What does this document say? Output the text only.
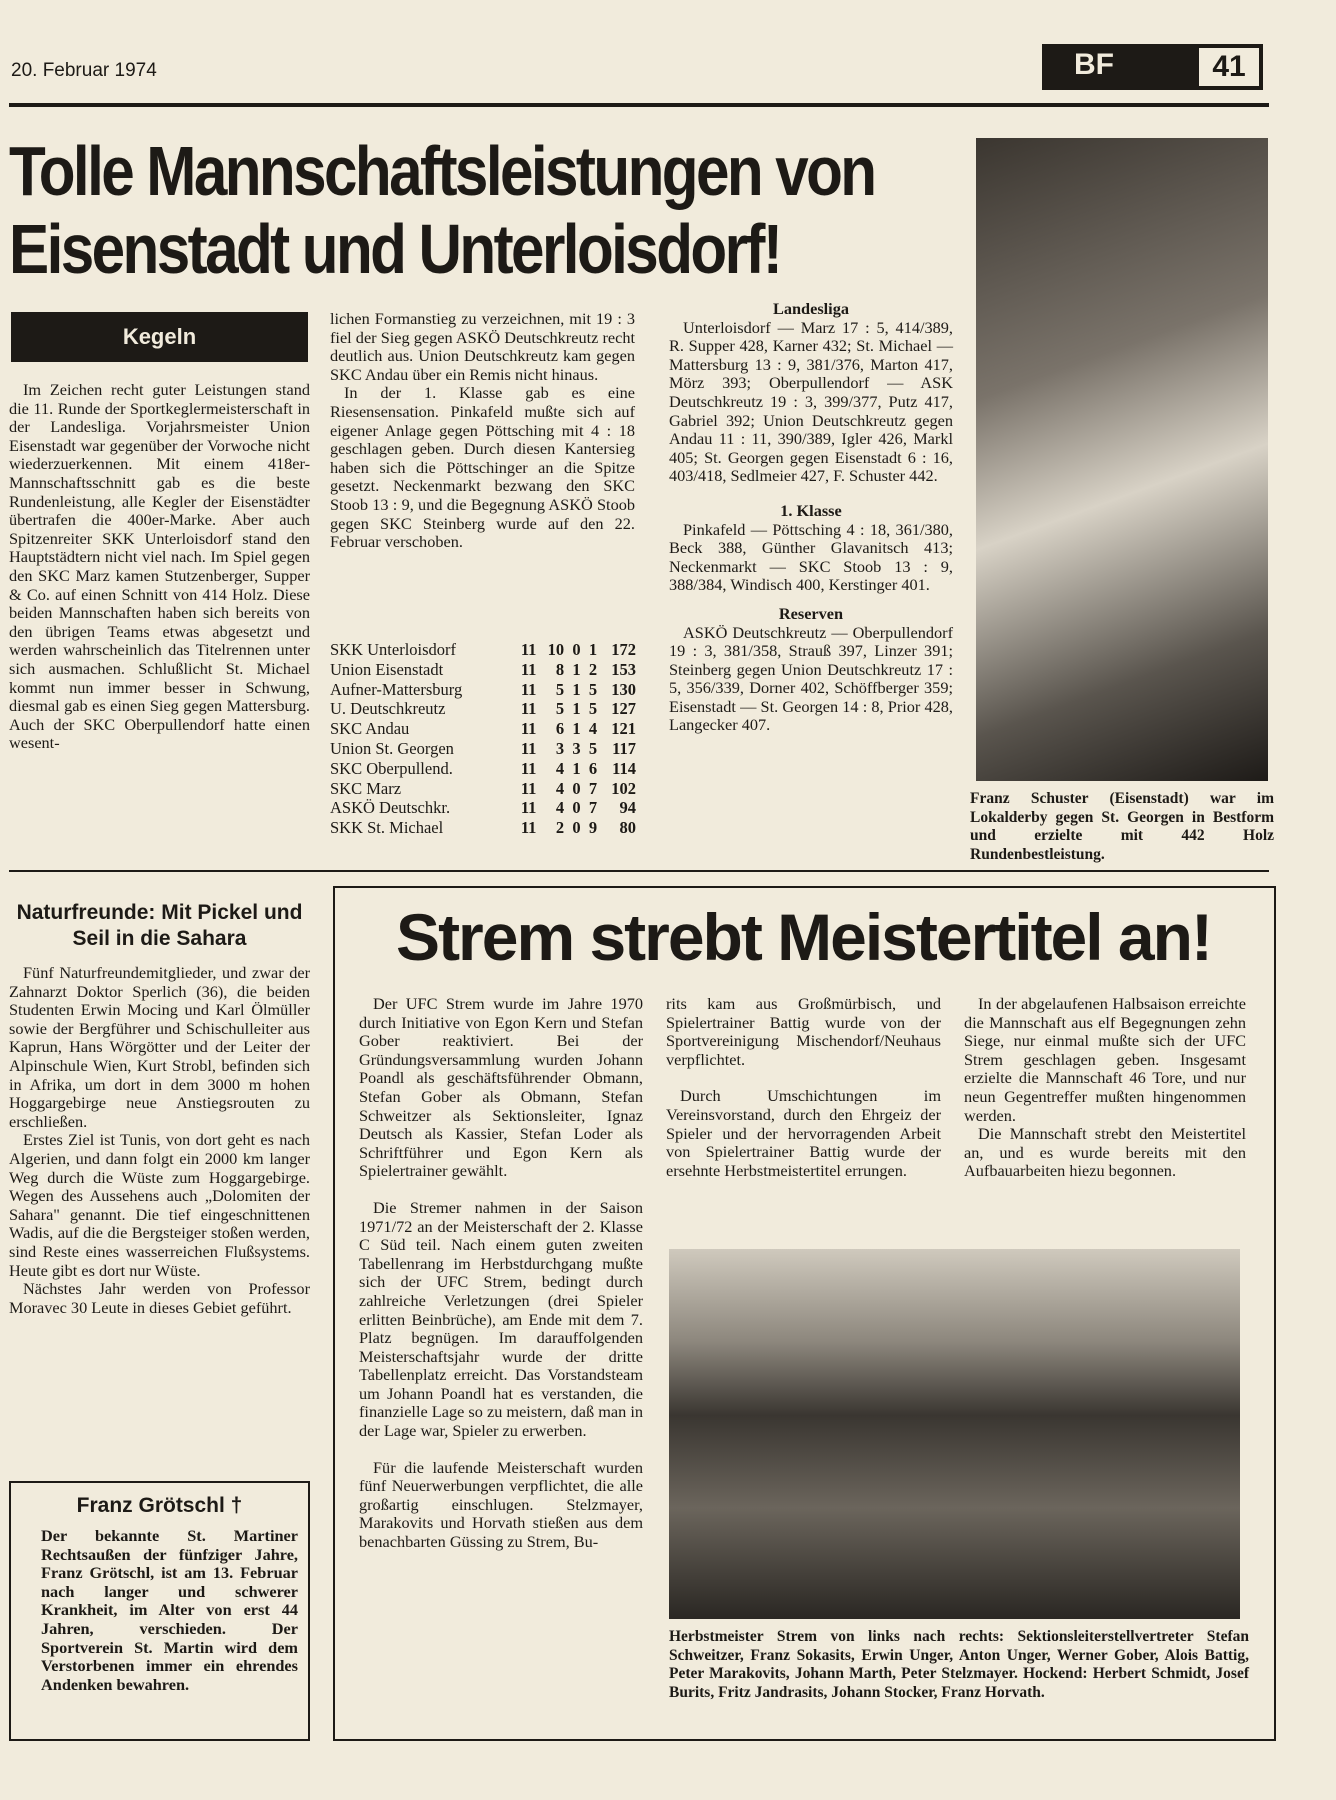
20. Februar 1974	BF	41
Tolle Mannschaftsleistungen von Eisenstadt und Unterloisdorf!
Franz Schuster (Eisenstadt) war im Lokalderby gegen St. Georgen in Bestform und erzielte mit 442 Holz Rundenbestleistung.
Kegeln

Im Zeichen recht guter Leistungen stand die 11. Runde der Sportkeglermeisterschaft in der Landesliga. Vorjahrsmeister Union Eisenstadt war gegenüber der Vorwoche nicht wiederzuerkennen. Mit einem 418er-Mannschaftsschnitt gab es die beste Rundenleistung, alle Kegler der Eisenstädter übertrafen die 400er-Marke. Aber auch Spitzenreiter SKK Unterloisdorf stand den Hauptstädtern nicht viel nach. Im Spiel gegen den SKC Marz kamen Stutzenberger, Supper & Co. auf einen Schnitt von 414 Holz. Diese beiden Mannschaften haben sich bereits von den übrigen Teams etwas abgesetzt und werden wahrscheinlich das Titelrennen unter sich ausmachen. Schlußlicht St. Michael kommt nun immer besser in Schwung, diesmal gab es einen Sieg gegen Mattersburg. Auch der SKC Oberpullendorf hatte einen wesent-

lichen Formanstieg zu verzeichnen, mit 19 : 3 fiel der Sieg gegen ASKÖ Deutschkreutz recht deutlich aus. Union Deutschkreutz kam gegen SKC Andau über ein Remis nicht hinaus.

In der 1. Klasse gab es eine Riesensensation. Pinkafeld mußte sich auf eigener Anlage gegen Pöttsching mit 4 : 18 geschlagen geben. Durch diesen Kantersieg haben sich die Pöttschinger an die Spitze gesetzt. Neckenmarkt bezwang den SKC Stoob 13 : 9, und die Begegnung ASKÖ Stoob gegen SKC Steinberg wurde auf den 22. Februar verschoben.

SKK Unterloisdorf	11	10	0	1	172
Union Eisenstadt	11	8	1	2	153
Aufner-Mattersburg	11	5	1	5	130
U. Deutschkreutz	11	5	1	5	127
SKC Andau	11	6	1	4	121
Union St. Georgen	11	3	3	5	117
SKC Oberpullend.	11	4	1	6	114
SKC Marz	11	4	0	7	102
ASKÖ Deutschkr.	11	4	0	7	94
SKK St. Michael	11	2	0	9	80

Landesliga

Unterloisdorf — Marz 17 : 5, 414/389, R. Supper 428, Karner 432; St. Michael — Mattersburg 13 : 9, 381/376, Marton 417, Mörz 393; Oberpullendorf — ASK Deutschkreutz 19 : 3, 399/377, Putz 417, Gabriel 392; Union Deutschkreutz gegen Andau 11 : 11, 390/389, Igler 426, Markl 405; St. Georgen gegen Eisenstadt 6 : 16, 403/418, Sedlmeier 427, F. Schuster 442.

1. Klasse

Pinkafeld — Pöttsching 4 : 18, 361/380, Beck 388, Günther Glavanitsch 413; Neckenmarkt — SKC Stoob 13 : 9, 388/384, Windisch 400, Kerstinger 401.

Reserven

ASKÖ Deutschkreutz — Oberpullendorf 19 : 3, 381/358, Strauß 397, Linzer 391; Steinberg gegen Union Deutschkreutz 17 : 5, 356/339, Dorner 402, Schöffberger 359; Eisenstadt — St. Georgen 14 : 8, Prior 428, Langecker 407.

Naturfreunde: Mit Pickel und Seil in die Sahara

Fünf Naturfreundemitglieder, und zwar der Zahnarzt Doktor Sperlich (36), die beiden Studenten Erwin Mocing und Karl Ölmüller sowie der Bergführer und Schischulleiter aus Kaprun, Hans Wörgötter und der Leiter der Alpinschule Wien, Kurt Strobl, befinden sich in Afrika, um dort in dem 3000 m hohen Hoggargebirge neue Anstiegsrouten zu erschließen.

Erstes Ziel ist Tunis, von dort geht es nach Algerien, und dann folgt ein 2000 km langer Weg durch die Wüste zum Hoggargebirge. Wegen des Aussehens auch „Dolomiten der Sahara" genannt. Die tief eingeschnittenen Wadis, auf die die Bergsteiger stoßen werden, sind Reste eines wasserreichen Flußsystems. Heute gibt es dort nur Wüste.

Nächstes Jahr werden von Professor Moravec 30 Leute in dieses Gebiet geführt.

Franz Grötschl †
Der bekannte St. Martiner Rechtsaußen der fünfziger Jahre, Franz Grötschl, ist am 13. Februar nach langer und schwerer Krankheit, im Alter von erst 44 Jahren, verschieden. Der Sportverein St. Martin wird dem Verstorbenen immer ein ehrendes Andenken bewahren.
Strem strebt Meistertitel an!

Der UFC Strem wurde im Jahre 1970 durch Initiative von Egon Kern und Stefan Gober reaktiviert. Bei der Gründungsversammlung wurden Johann Poandl als geschäftsführender Obmann, Stefan Gober als Obmann, Stefan Schweitzer als Sektionsleiter, Ignaz Deutsch als Kassier, Stefan Loder als Schriftführer und Egon Kern als Spielertrainer gewählt.

Die Stremer nahmen in der Saison 1971/72 an der Meisterschaft der 2. Klasse C Süd teil. Nach einem guten zweiten Tabellenrang im Herbstdurchgang mußte sich der UFC Strem, bedingt durch zahlreiche Verletzungen (drei Spieler erlitten Beinbrüche), am Ende mit dem 7. Platz begnügen. Im darauffolgenden Meisterschaftsjahr wurde der dritte Tabellenplatz erreicht. Das Vorstandsteam um Johann Poandl hat es verstanden, die finanzielle Lage so zu meistern, daß man in der Lage war, Spieler zu erwerben.

Für die laufende Meisterschaft wurden fünf Neuerwerbungen verpflichtet, die alle großartig einschlugen. Stelzmayer, Marakovits und Horvath stießen aus dem benachbarten Güssing zu Strem, Bu-

rits kam aus Großmürbisch, und Spielertrainer Battig wurde von der Sportvereinigung Mischendorf/Neuhaus verpflichtet.

Durch Umschichtungen im Vereinsvorstand, durch den Ehrgeiz der Spieler und der hervorragenden Arbeit von Spielertrainer Battig wurde der ersehnte Herbstmeistertitel errungen.

In der abgelaufenen Halbsaison erreichte die Mannschaft aus elf Begegnungen zehn Siege, nur einmal mußte sich der UFC Strem geschlagen geben. Insgesamt erzielte die Mannschaft 46 Tore, und nur neun Gegentreffer mußten hingenommen werden.

Die Mannschaft strebt den Meistertitel an, und es wurde bereits mit den Aufbauarbeiten hiezu begonnen.

Herbstmeister Strem von links nach rechts: Sektionsleiterstellvertreter Stefan Schweitzer, Franz Sokasits, Erwin Unger, Anton Unger, Werner Gober, Alois Battig, Peter Marakovits, Johann Marth, Peter Stelzmayer. Hockend: Herbert Schmidt, Josef Burits, Fritz Jandrasits, Johann Stocker, Franz Horvath.
